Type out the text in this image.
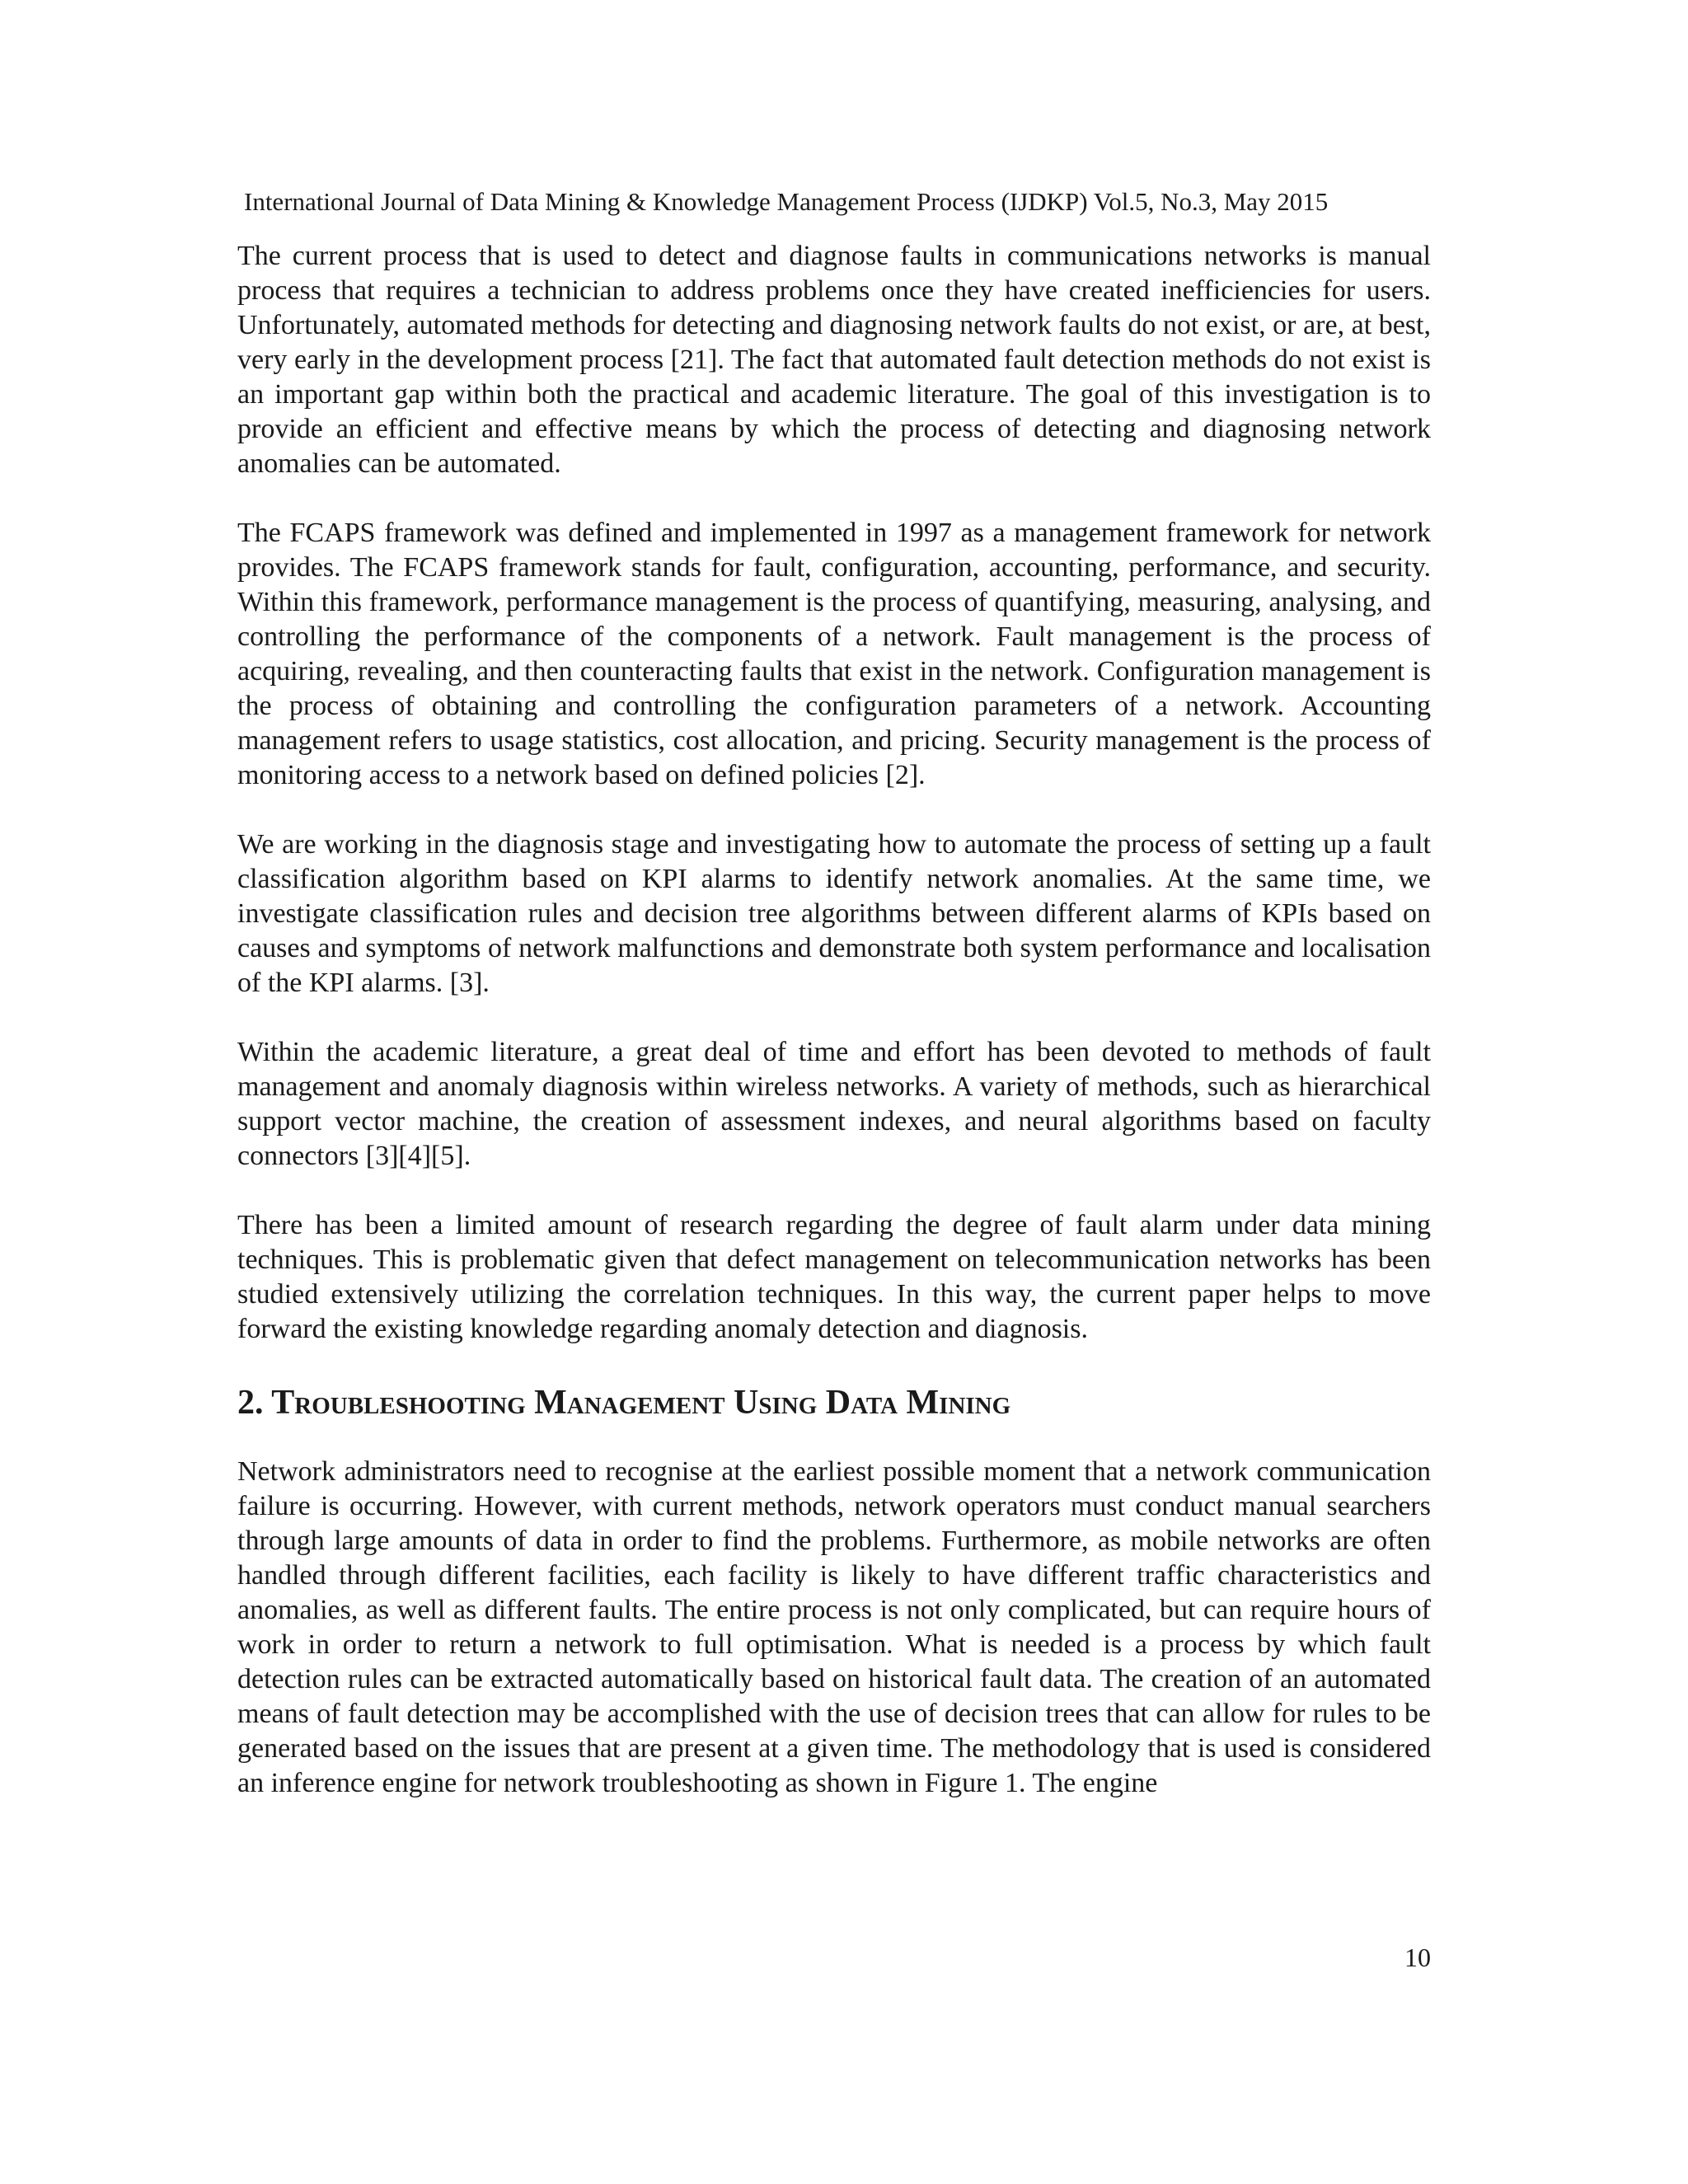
International Journal of Data Mining & Knowledge Management Process (IJDKP) Vol.5, No.3, May 2015

The current process that is used to detect and diagnose faults in communications networks is manual process that requires a technician to address problems once they have created inefficiencies for users. Unfortunately, automated methods for detecting and diagnosing network faults do not exist, or are, at best, very early in the development process [21]. The fact that automated fault detection methods do not exist is an important gap within both the practical and academic literature. The goal of this investigation is to provide an efficient and effective means by which the process of detecting and diagnosing network anomalies can be automated.

The FCAPS framework was defined and implemented in 1997 as a management framework for network provides. The FCAPS framework stands for fault, configuration, accounting, performance, and security. Within this framework, performance management is the process of quantifying, measuring, analysing, and controlling the performance of the components of a network. Fault management is the process of acquiring, revealing, and then counteracting faults that exist in the network. Configuration management is the process of obtaining and controlling the configuration parameters of a network. Accounting management refers to usage statistics, cost allocation, and pricing. Security management is the process of monitoring access to a network based on defined policies [2].

We are working in the diagnosis stage and investigating how to automate the process of setting up a fault classification algorithm based on KPI alarms to identify network anomalies. At the same time, we investigate classification rules and decision tree algorithms between different alarms of KPIs based on causes and symptoms of network malfunctions and demonstrate both system performance and localisation of the KPI alarms. [3].

Within the academic literature, a great deal of time and effort has been devoted to methods of fault management and anomaly diagnosis within wireless networks. A variety of methods, such as hierarchical support vector machine, the creation of assessment indexes, and neural algorithms based on faculty connectors [3][4][5].

There has been a limited amount of research regarding the degree of fault alarm under data mining techniques. This is problematic given that defect management on telecommunication networks has been studied extensively utilizing the correlation techniques. In this way, the current paper helps to move forward the existing knowledge regarding anomaly detection and diagnosis.

2. Troubleshooting Management Using Data Mining

Network administrators need to recognise at the earliest possible moment that a network communication failure is occurring. However, with current methods, network operators must conduct manual searchers through large amounts of data in order to find the problems. Furthermore, as mobile networks are often handled through different facilities, each facility is likely to have different traffic characteristics and anomalies, as well as different faults. The entire process is not only complicated, but can require hours of work in order to return a network to full optimisation. What is needed is a process by which fault detection rules can be extracted automatically based on historical fault data. The creation of an automated means of fault detection may be accomplished with the use of decision trees that can allow for rules to be generated based on the issues that are present at a given time. The methodology that is used is considered an inference engine for network troubleshooting as shown in Figure 1. The engine

10
